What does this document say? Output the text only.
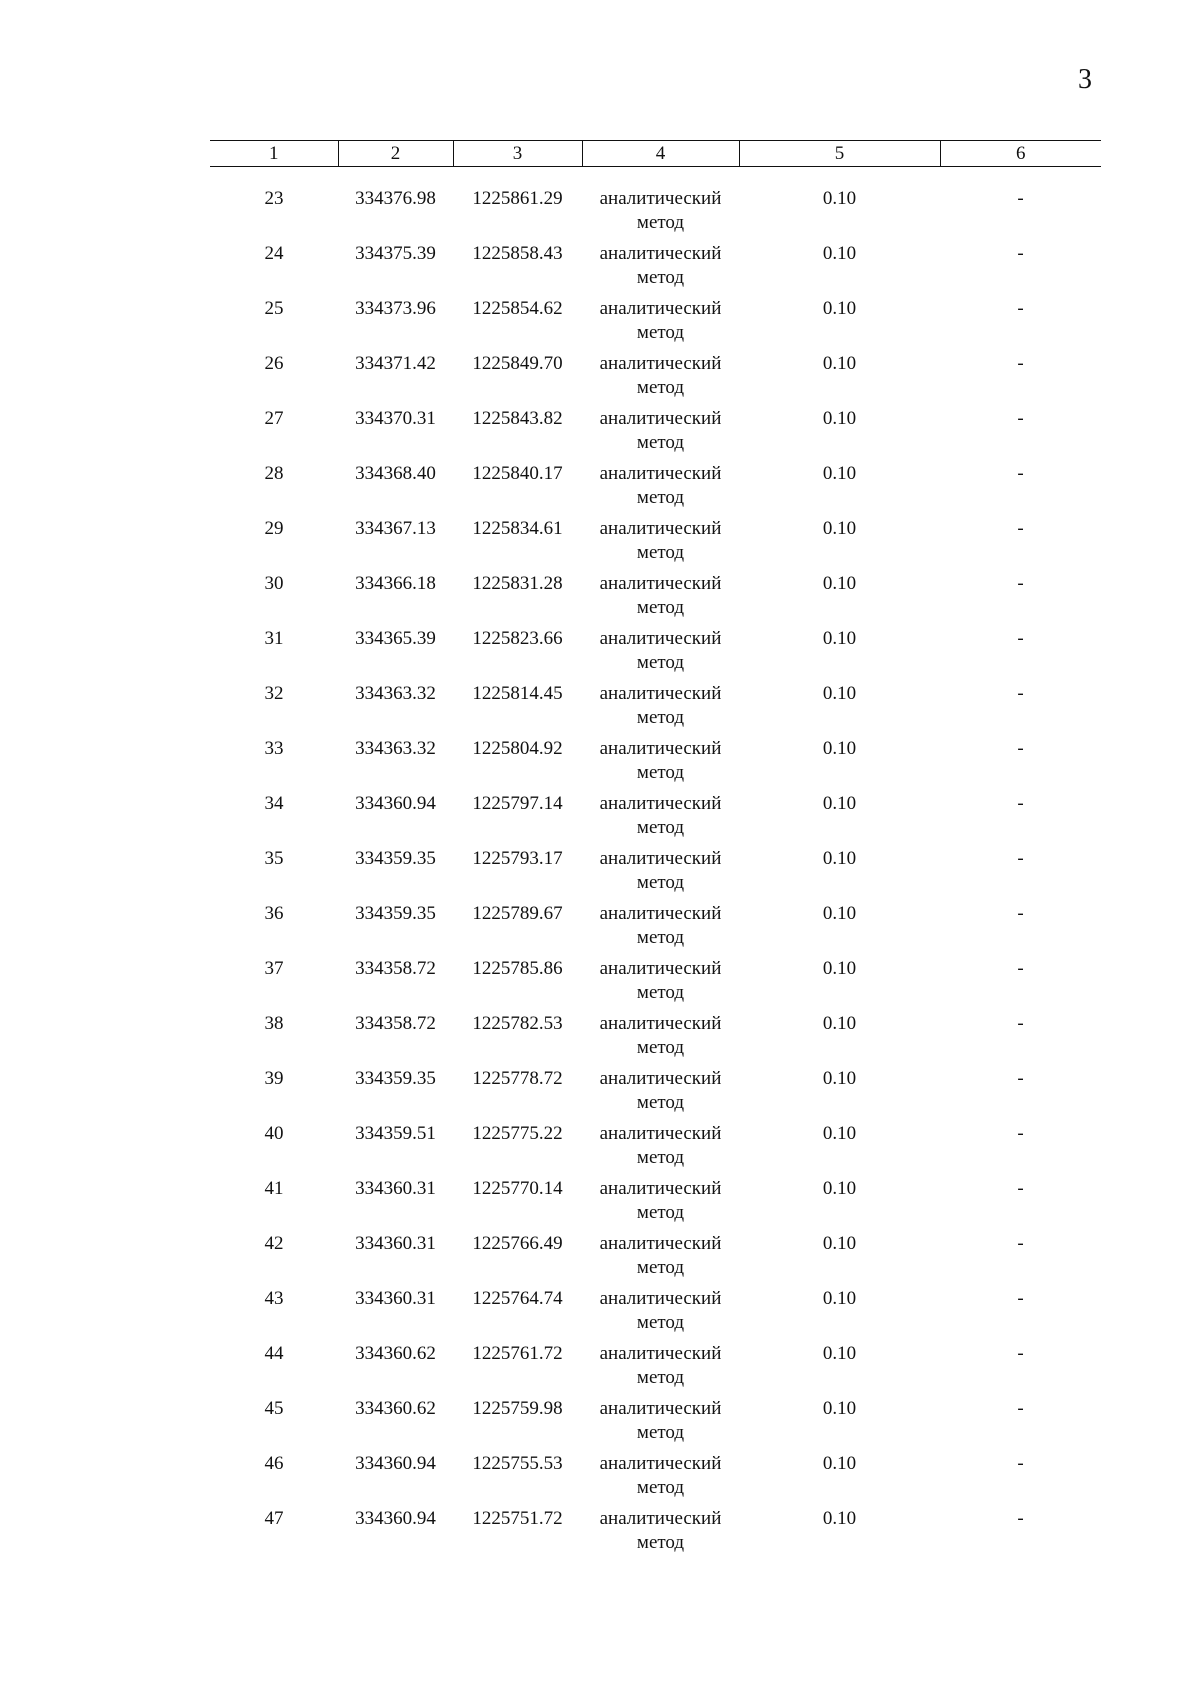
3
1	2	3	4	5	6

23	334376.98	1225861.29	аналитический
метод	0.10	-
24	334375.39	1225858.43	аналитический
метод	0.10	-
25	334373.96	1225854.62	аналитический
метод	0.10	-
26	334371.42	1225849.70	аналитический
метод	0.10	-
27	334370.31	1225843.82	аналитический
метод	0.10	-
28	334368.40	1225840.17	аналитический
метод	0.10	-
29	334367.13	1225834.61	аналитический
метод	0.10	-
30	334366.18	1225831.28	аналитический
метод	0.10	-
31	334365.39	1225823.66	аналитический
метод	0.10	-
32	334363.32	1225814.45	аналитический
метод	0.10	-
33	334363.32	1225804.92	аналитический
метод	0.10	-
34	334360.94	1225797.14	аналитический
метод	0.10	-
35	334359.35	1225793.17	аналитический
метод	0.10	-
36	334359.35	1225789.67	аналитический
метод	0.10	-
37	334358.72	1225785.86	аналитический
метод	0.10	-
38	334358.72	1225782.53	аналитический
метод	0.10	-
39	334359.35	1225778.72	аналитический
метод	0.10	-
40	334359.51	1225775.22	аналитический
метод	0.10	-
41	334360.31	1225770.14	аналитический
метод	0.10	-
42	334360.31	1225766.49	аналитический
метод	0.10	-
43	334360.31	1225764.74	аналитический
метод	0.10	-
44	334360.62	1225761.72	аналитический
метод	0.10	-
45	334360.62	1225759.98	аналитический
метод	0.10	-
46	334360.94	1225755.53	аналитический
метод	0.10	-
47	334360.94	1225751.72	аналитический
метод	0.10	-
